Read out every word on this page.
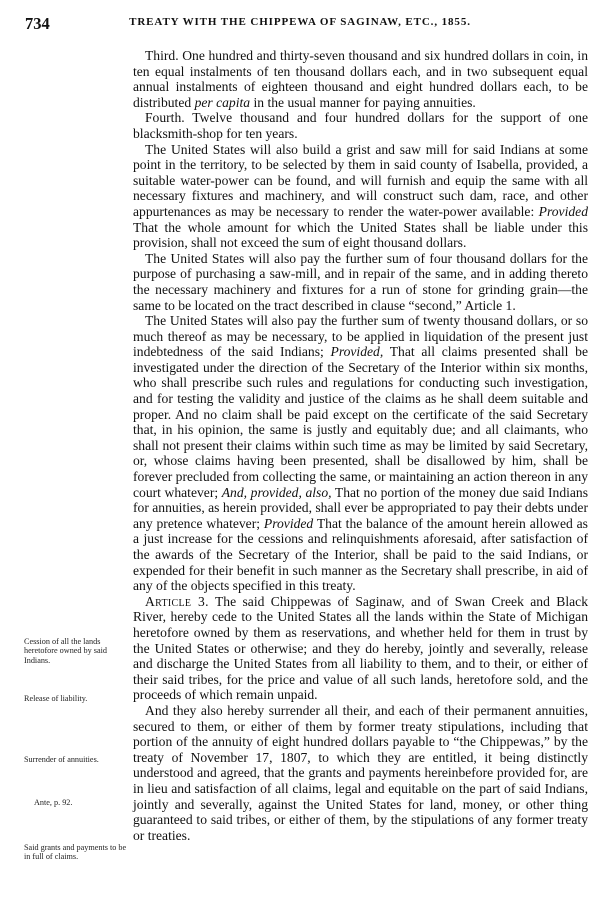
734	TREATY WITH THE CHIPPEWA OF SAGINAW, ETC., 1855.

Third. One hundred and thirty-seven thousand and six hundred dollars in coin, in ten equal instalments of ten thousand dollars each, and in two subsequent equal annual instalments of eighteen thousand and eight hundred dollars each, to be distributed per capita in the usual manner for paying annuities.

Fourth. Twelve thousand and four hundred dollars for the support of one blacksmith-shop for ten years.

The United States will also build a grist and saw mill for said Indians at some point in the territory, to be selected by them in said county of Isabella, provided, a suitable water-power can be found, and will furnish and equip the same with all necessary fixtures and machinery, and will construct such dam, race, and other appurtenances as may be necessary to render the water-power available: Provided That the whole amount for which the United States shall be liable under this provision, shall not exceed the sum of eight thousand dollars.

The United States will also pay the further sum of four thousand dollars for the purpose of purchasing a saw-mill, and in repair of the same, and in adding thereto the necessary machinery and fixtures for a run of stone for grinding grain—the same to be located on the tract described in clause “second,” Article 1.

The United States will also pay the further sum of twenty thousand dollars, or so much thereof as may be necessary, to be applied in liquidation of the present just indebtedness of the said Indians; Provided, That all claims presented shall be investigated under the direction of the Secretary of the Interior within six months, who shall prescribe such rules and regulations for conducting such investigation, and for testing the validity and justice of the claims as he shall deem suitable and proper. And no claim shall be paid except on the certificate of the said Secretary that, in his opinion, the same is justly and equitably due; and all claimants, who shall not present their claims within such time as may be limited by said Secretary, or, whose claims having been presented, shall be disallowed by him, shall be forever precluded from collecting the same, or maintaining an action thereon in any court whatever; And, provided, also, That no portion of the money due said Indians for annuities, as herein provided, shall ever be appropriated to pay their debts under any pretence whatever; Provided That the balance of the amount herein allowed as a just increase for the cessions and relinquishments aforesaid, after satisfaction of the awards of the Secretary of the Interior, shall be paid to the said Indians, or expended for their benefit in such manner as the Secretary shall prescribe, in aid of any of the objects specified in this treaty.

Article 3. The said Chippewas of Saginaw, and of Swan Creek and Black River, hereby cede to the United States all the lands within the State of Michigan heretofore owned by them as reservations, and whether held for them in trust by the United States or otherwise; and they do hereby, jointly and severally, release and discharge the United States from all liability to them, and to their, or either of their said tribes, for the price and value of all such lands, heretofore sold, and the proceeds of which remain unpaid.

And they also hereby surrender all their, and each of their permanent annuities, secured to them, or either of them by former treaty stipulations, including that portion of the annuity of eight hundred dollars payable to “the Chippewas,” by the treaty of November 17, 1807, to which they are entitled, it being distinctly understood and agreed, that the grants and payments hereinbefore provided for, are in lieu and satisfaction of all claims, legal and equitable on the part of said Indians, jointly and severally, against the United States for land, money, or other thing guaranteed to said tribes, or either of them, by the stipulations of any former treaty or treaties.

Cession of all the lands heretofore owned by said Indians.
Release of liability.
Surrender of annuities.
Ante, p. 92.
Said grants and payments to be in full of claims.
